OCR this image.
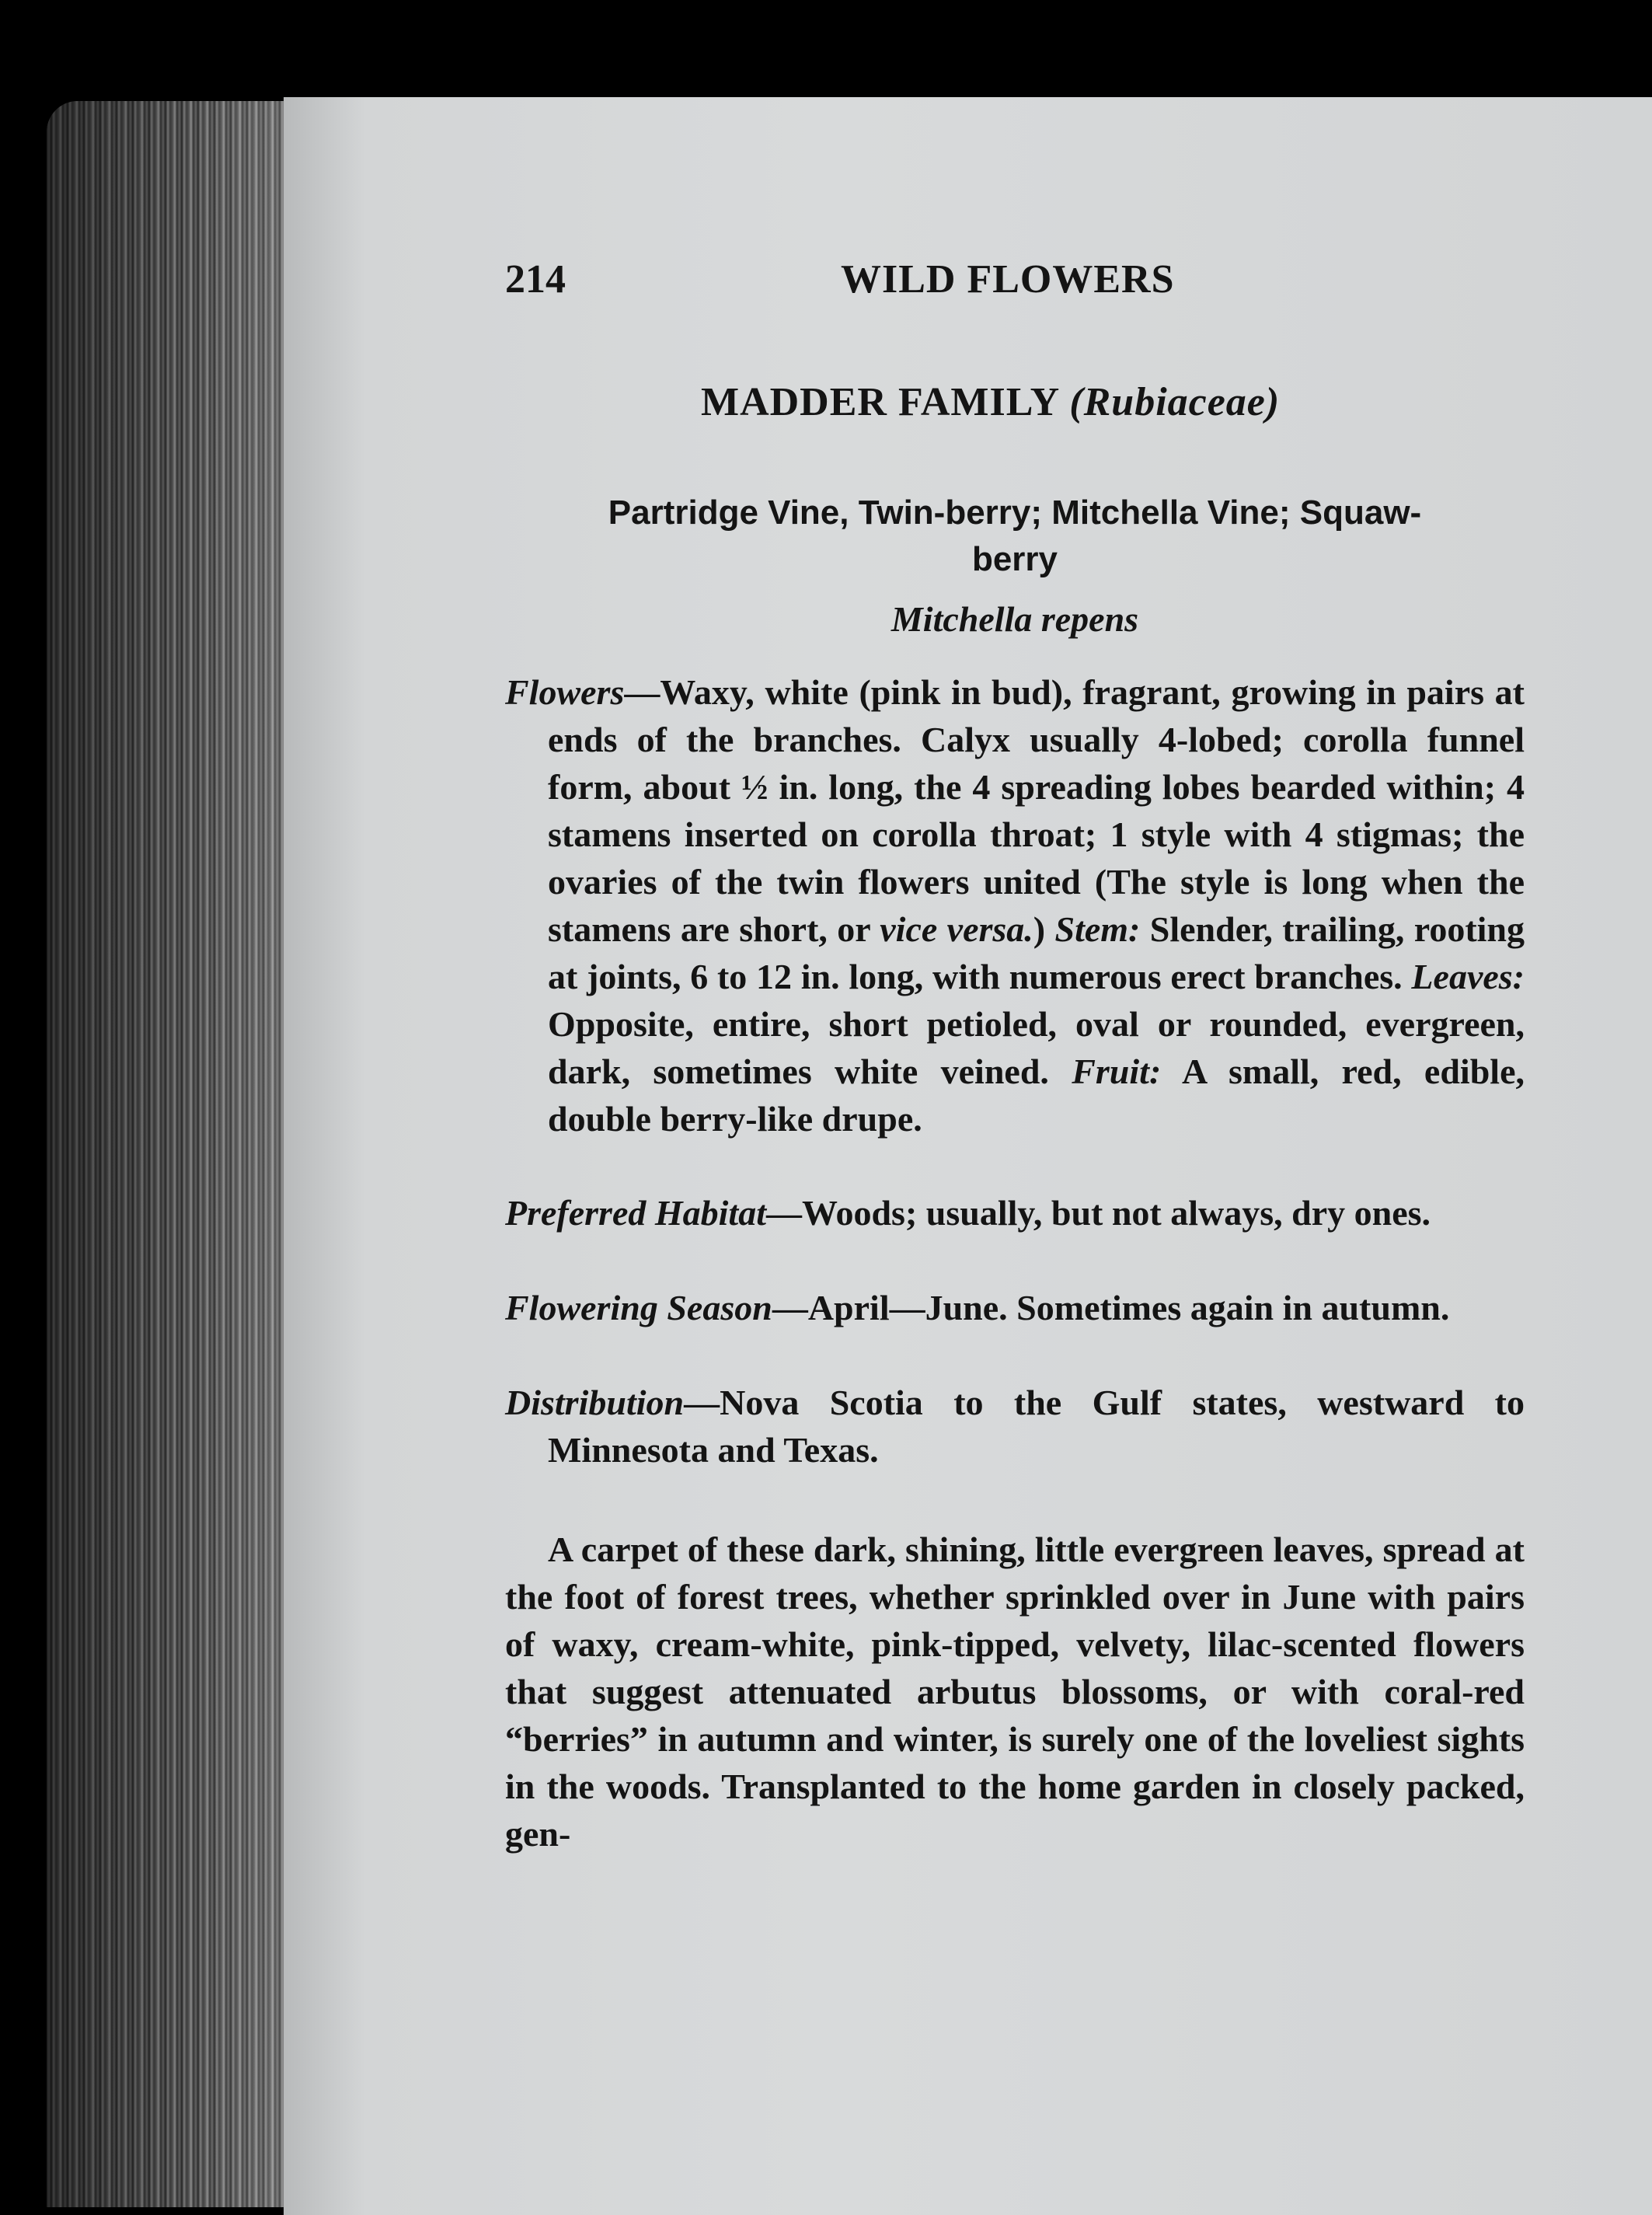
214	WILD FLOWERS
MADDER FAMILY (Rubiaceae)
Partridge Vine, Twin-berry; Mitchella Vine; Squaw-
berry
Mitchella repens
Flowers—Waxy, white (pink in bud), fragrant, growing in pairs at ends of the branches. Calyx usually 4-lobed; corolla funnel form, about ½ in. long, the 4 spreading lobes bearded within; 4 stamens inserted on corolla throat; 1 style with 4 stigmas; the ovaries of the twin flowers united (The style is long when the stamens are short, or vice versa.) Stem: Slender, trailing, rooting at joints, 6 to 12 in. long, with numerous erect branches. Leaves: Opposite, entire, short petioled, oval or rounded, evergreen, dark, sometimes white veined. Fruit: A small, red, edible, double berry-like drupe.
Preferred Habitat—Woods; usually, but not always, dry ones.
Flowering Season—April—June. Sometimes again in autumn.
Distribution—Nova Scotia to the Gulf states, westward to Minnesota and Texas.
A carpet of these dark, shining, little evergreen leaves, spread at the foot of forest trees, whether sprinkled over in June with pairs of waxy, cream-white, pink-tipped, velvety, lilac-scented flowers that suggest attenuated arbutus blossoms, or with coral-red “berries” in autumn and winter, is surely one of the loveliest sights in the woods. Transplanted to the home garden in closely packed, gen-
